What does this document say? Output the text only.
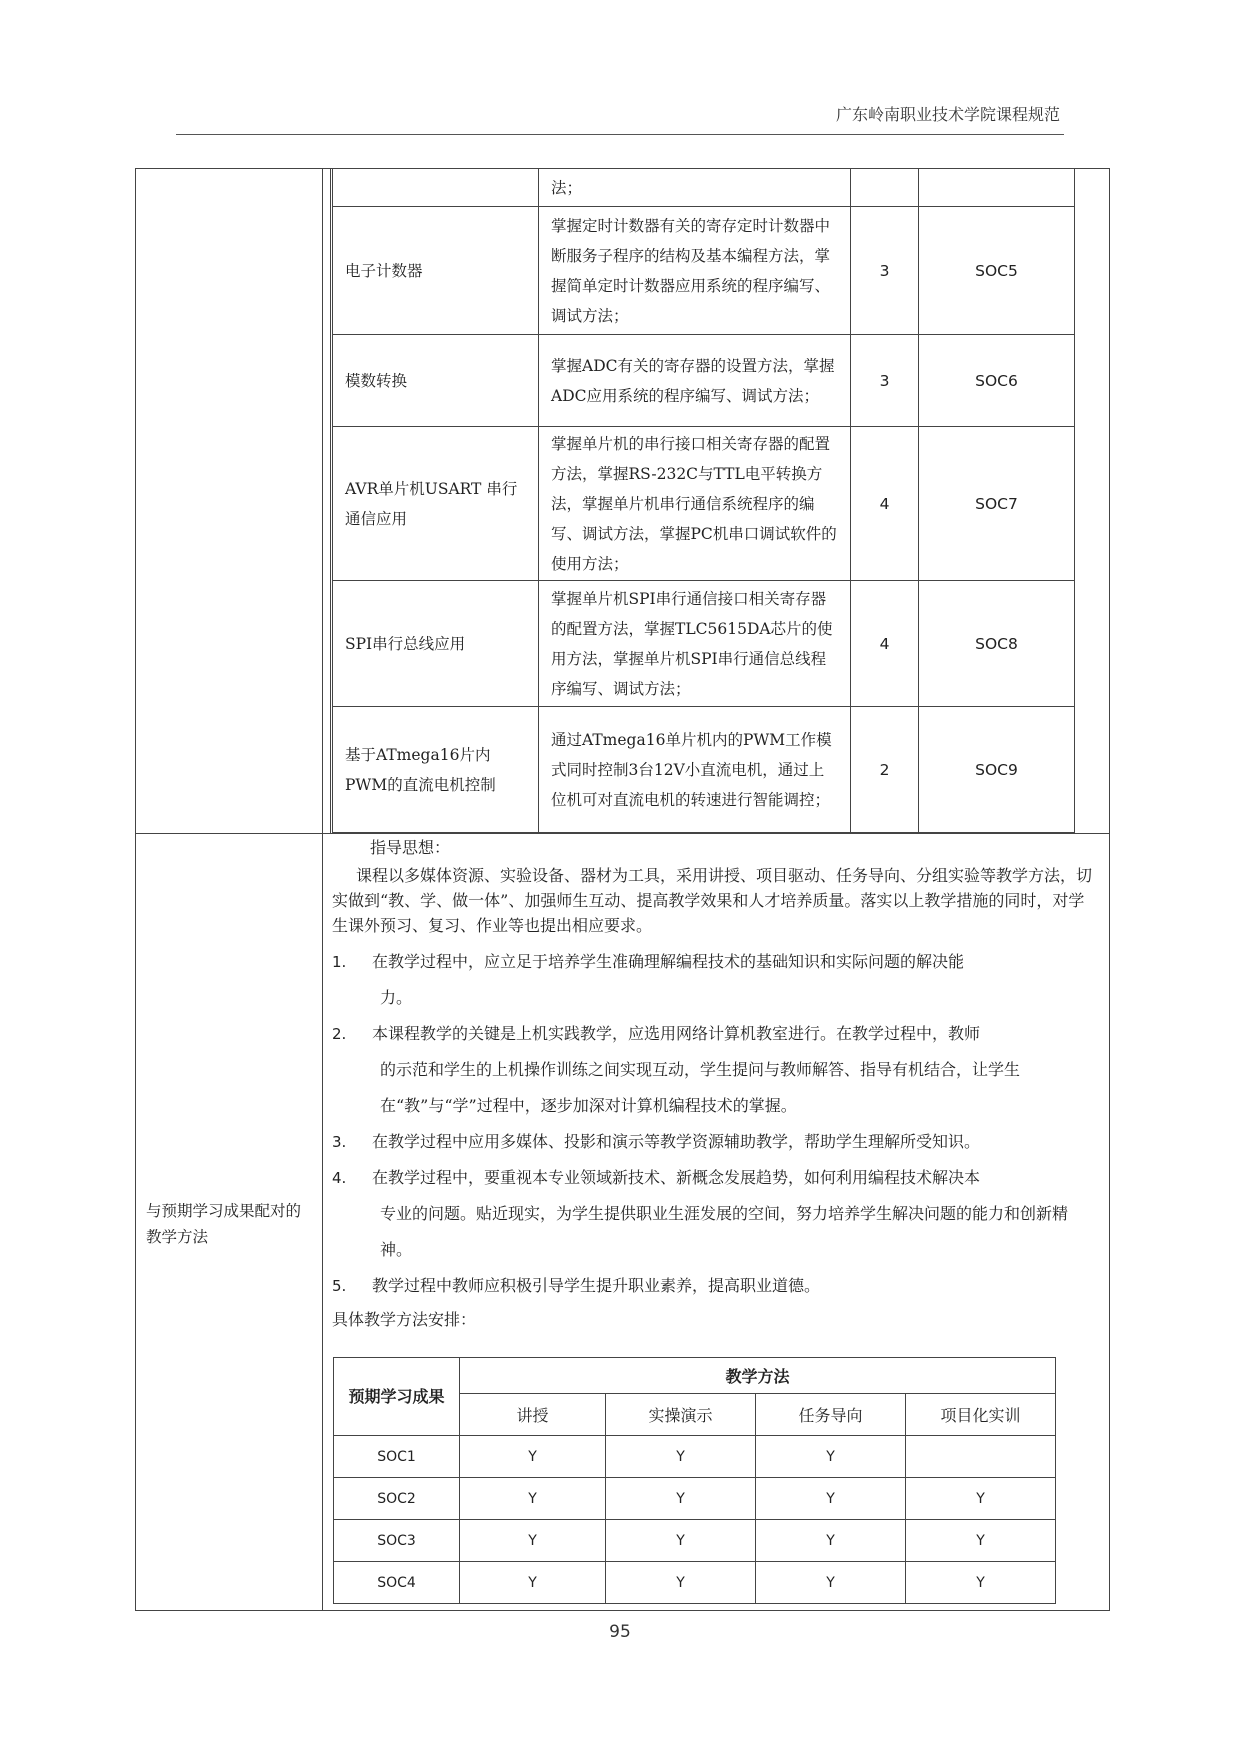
广东岭南职业技术学院课程规范
	法；		
电子计数器	掌握定时计数器有关的寄存定时计数器中断服务子程序的结构及基本编程方法，掌握简单定时计数器应用系统的程序编写、调试方法；	3	SOC5
模数转换	掌握ADC有关的寄存器的设置方法，掌握ADC应用系统的程序编写、调试方法；	3	SOC6
AVR单片机USART 串行通信应用	掌握单片机的串行接口相关寄存器的配置方法，掌握RS-232C与TTL电平转换方法，掌握单片机串行通信系统程序的编写、调试方法，掌握PC机串口调试软件的使用方法；	4	SOC7
SPI串行总线应用	掌握单片机SPI串行通信接口相关寄存器的配置方法，掌握TLC5615DA芯片的使用方法，掌握单片机SPI串行通信总线程序编写、调试方法；	4	SOC8
基于ATmega16片内PWM的直流电机控制	通过ATmega16单片机内的PWM工作模式同时控制3台12V小直流电机，通过上位机可对直流电机的转速进行智能调控；	2	SOC9
与预期学习成果配对的教学方法

指导思想：

课程以多媒体资源、实验设备、器材为工具，采用讲授、项目驱动、任务导向、分组实验等教学方法，切实做到“教、学、做一体”、加强师生互动、提高教学效果和人才培养质量。落实以上教学措施的同时，对学生课外预习、复习、作业等也提出相应要求。

1. 在教学过程中，应立足于培养学生准确理解编程技术的基础知识和实际问题的解决能
力。
2. 本课程教学的关键是上机实践教学，应选用网络计算机教室进行。在教学过程中，教师
的示范和学生的上机操作训练之间实现互动，学生提问与教师解答、指导有机结合，让学生在“教”与“学”过程中，逐步加深对计算机编程技术的掌握。
3. 在教学过程中应用多媒体、投影和演示等教学资源辅助教学，帮助学生理解所受知识。
4. 在教学过程中，要重视本专业领域新技术、新概念发展趋势，如何利用编程技术解决本
专业的问题。贴近现实，为学生提供职业生涯发展的空间，努力培养学生解决问题的能力和创新精神。
5. 教学过程中教师应积极引导学生提升职业素养，提高职业道德。

具体教学方法安排：

预期学习成果	教学方法			
	讲授	实操演示	任务导向	项目化实训
SOC1	Y	Y	Y	
SOC2	Y	Y	Y	Y
SOC3	Y	Y	Y	Y
SOC4	Y	Y	Y	Y
95
